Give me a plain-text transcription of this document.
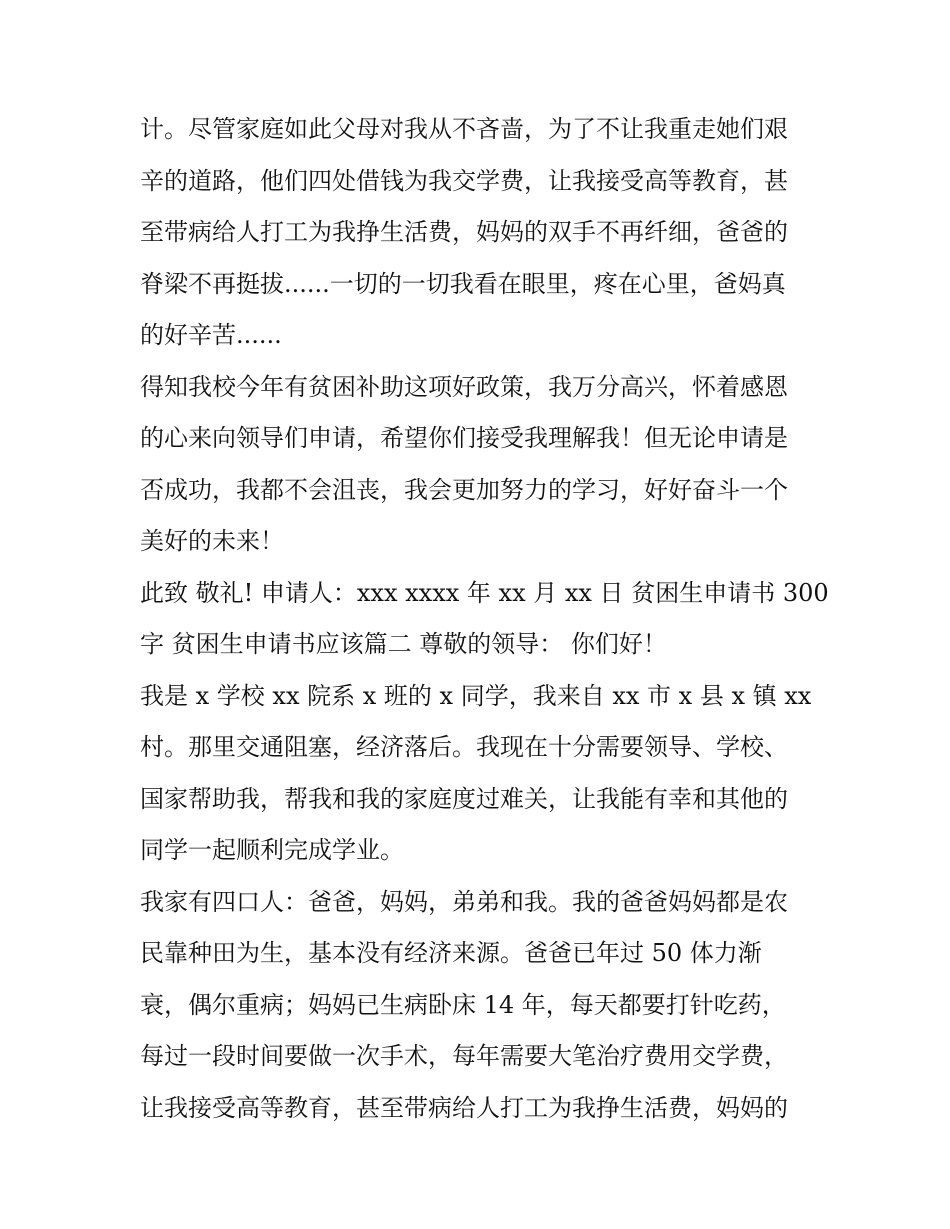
计。尽管家庭如此父母对我从不吝啬，为了不让我重走她们艰
辛的道路，他们四处借钱为我交学费，让我接受高等教育，甚
至带病给人打工为我挣生活费，妈妈的双手不再纤细，爸爸的
脊梁不再挺拔......一切的一切我看在眼里，疼在心里，爸妈真
的好辛苦......
得知我校今年有贫困补助这项好政策，我万分高兴，怀着感恩
的心来向领导们申请，希望你们接受我理解我！但无论申请是
否成功，我都不会沮丧，我会更加努力的学习，好好奋斗一个
美好的未来！
此致 敬礼! 申请人：xxx xxxx 年 xx 月 xx 日 贫困生申请书 300
字 贫困生申请书应该篇二 尊敬的领导： 你们好！
我是 x 学校 xx 院系 x 班的 x 同学，我来自 xx 市 x 县 x 镇 xx
村。那里交通阻塞，经济落后。我现在十分需要领导、学校、
国家帮助我，帮我和我的家庭度过难关，让我能有幸和其他的
同学一起顺利完成学业。
我家有四口人：爸爸，妈妈，弟弟和我。我的爸爸妈妈都是农
民靠种田为生，基本没有经济来源。爸爸已年过 50 体力渐
衰，偶尔重病；妈妈已生病卧床 14 年，每天都要打针吃药，
每过一段时间要做一次手术，每年需要大笔治疗费用交学费，
让我接受高等教育，甚至带病给人打工为我挣生活费，妈妈的
